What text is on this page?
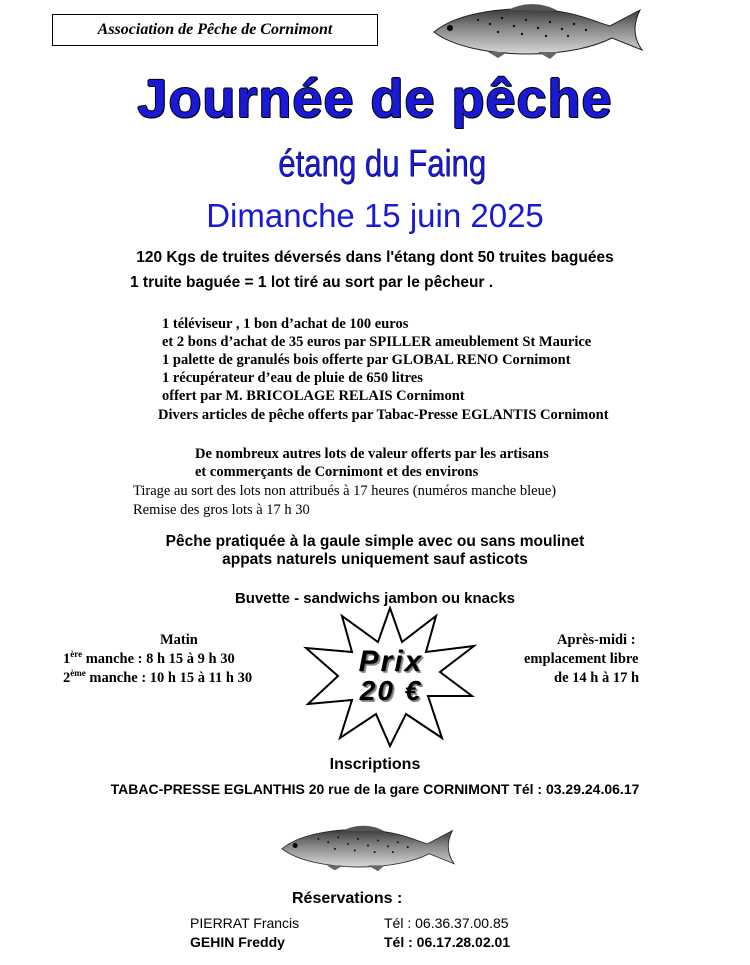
Association de Pêche de Cornimont
Journée de pêche
étang du Faing
Dimanche 15 juin 2025
120 Kgs de truites déversés dans l'étang dont 50 truites baguées
1 truite baguée = 1 lot tiré au sort par le pêcheur .
1 téléviseur , 1 bon d’achat de 100 euros
et 2 bons d’achat de 35 euros par SPILLER ameublement St Maurice
1 palette de granulés bois offerte par GLOBAL RENO Cornimont
1 récupérateur d’eau de pluie de 650 litres
offert par M. BRICOLAGE RELAIS Cornimont
Divers articles de pêche offerts par Tabac-Presse EGLANTIS Cornimont
De nombreux autres lots de valeur offerts par les artisans
et commerçants de Cornimont et des environs
Tirage au sort des lots non attribués à 17 heures (numéros manche bleue)
Remise des gros lots à 17 h 30
Pêche pratiquée à la gaule simple avec ou sans moulinet
appats naturels uniquement sauf asticots
Buvette - sandwichs jambon ou knacks
Matin
1ère manche : 8 h 15 à 9 h 30
2ème manche : 10 h 15 à 11 h 30
Après-midi :
emplacement libre
de 14 h à 17 h
Prix
20 €
Inscriptions
TABAC-PRESSE EGLANTHIS 20 rue de la gare CORNIMONT Tél : 03.29.24.06.17
Réservations :
PIERRAT Francis	Tél : 06.36.37.00.85
GEHIN Freddy	Tél : 06.17.28.02.01
